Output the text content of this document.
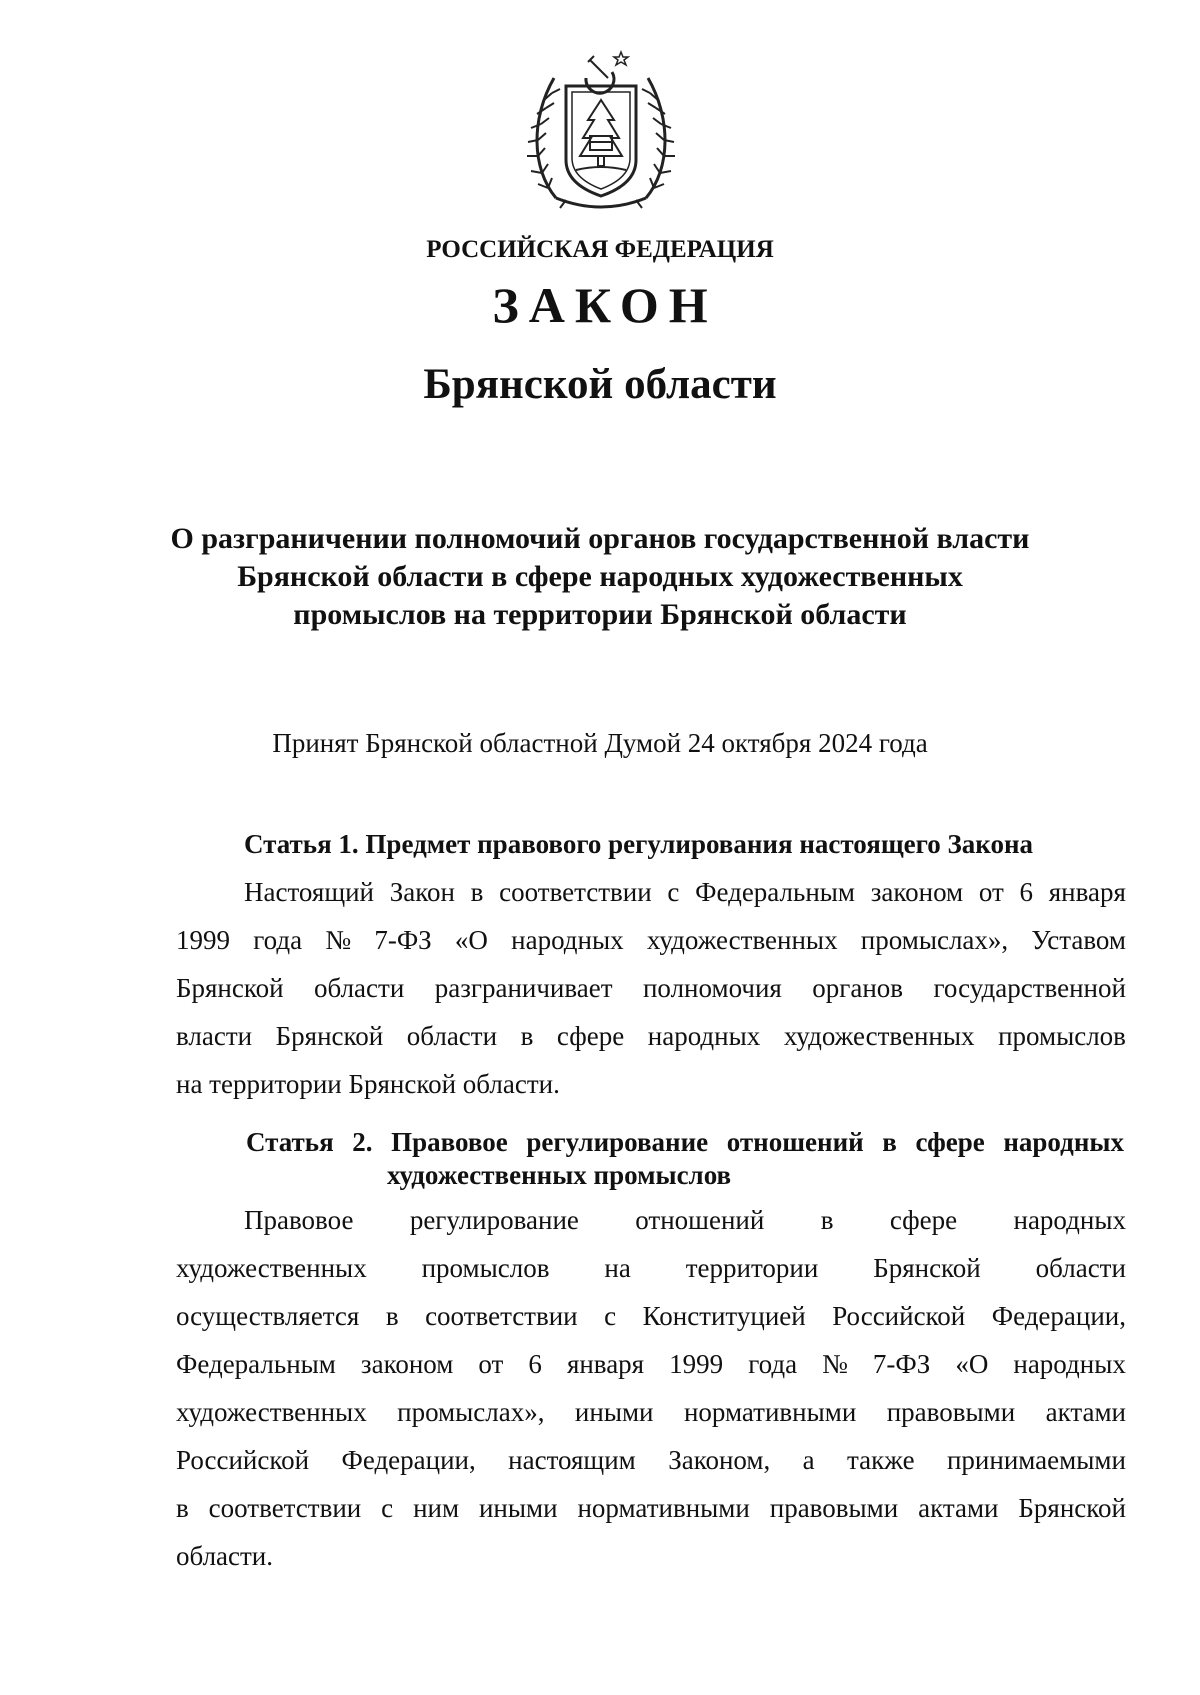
РОССИЙСКАЯ ФЕДЕРАЦИЯ
ЗАКОН
Брянской области
О разграничении полномочий органов государственной власти
Брянской области в сфере народных художественных
промыслов на территории Брянской области
Принят Брянской областной Думой 24 октября 2024 года
Статья 1. Предмет правового регулирования настоящего Закона
Настоящий Закон в соответствии с Федеральным законом от 6 января
1999 года № 7-ФЗ «О народных художественных промыслах», Уставом
Брянской области разграничивает полномочия органов государственной
власти Брянской области в сфере народных художественных промыслов
на территории Брянской области.
Статья 2. Правовое регулирование отношений в сфере народных
художественных промыслов
Правовое регулирование отношений в сфере народных
художественных промыслов на территории Брянской области
осуществляется в соответствии с Конституцией Российской Федерации,
Федеральным законом от 6 января 1999 года № 7-ФЗ «О народных
художественных промыслах», иными нормативными правовыми актами
Российской Федерации, настоящим Законом, а также принимаемыми
в соответствии с ним иными нормативными правовыми актами Брянской
области.
